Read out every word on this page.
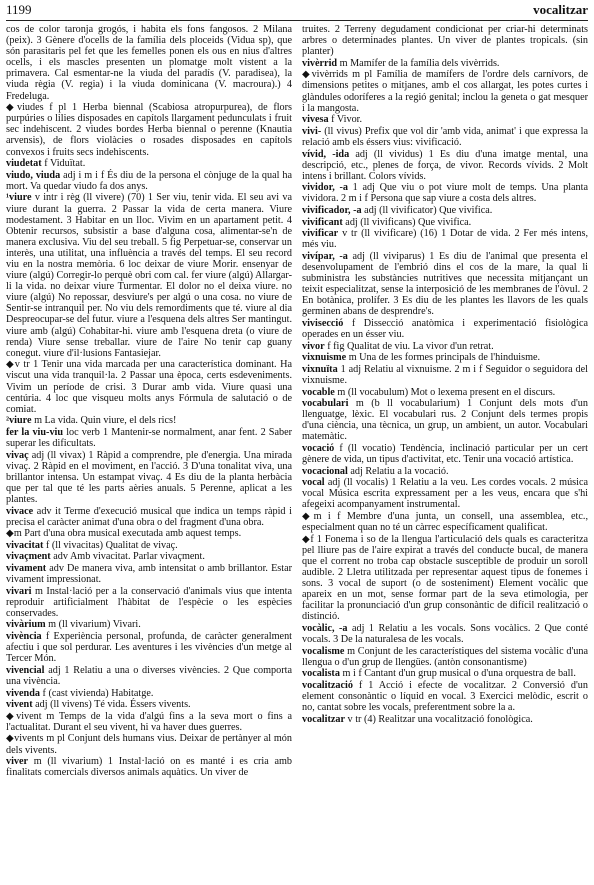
1199	vocalitzar
cos de color taronja grogós, i habita els fons fangosos. 2 Milana (peix). 3 Gènere d'ocells de la família dels ploceids (Vidua sp), que són parasitaris pel fet que les femelles ponen els ous en nius d'altres ocells, i els mascles presenten un plomatge molt vistent a la primavera. Cal esmentar-ne la viuda del paradís (V. paradisea), la viuda règia (V. regia) i la viuda dominicana (V. macroura).) 4 Fredeluga.
◆viudes f pl 1 Herba biennal (Scabiosa atropurpurea), de flors purpúries o lilies disposades en capítols llargament pedunculats i fruit sec indehiscent. 2 viudes bordes Herba biennal o perenne (Knautia arvensis), de flors violàcies o rosades disposades en capítols convexos i fruits secs indehiscents.
viudetat f Viduïtat.
viudo, viuda adj i m i f És diu de la persona el cònjuge de la qual ha mort. Va quedar viudo fa dos anys.
¹viure v intr i règ (ll vivere) (70) 1 Ser viu, tenir vida. El seu avi va viure durant la guerra. 2 Passar la vida de certa manera. Viure modestament. 3 Habitar en un lloc. Vivim en un apartament petit. 4 Obtenir recursos, subsistir a base d'alguna cosa, alimentar-se'n de manera exclusiva. Viu del seu treball. 5 fig Perpetuar-se, conservar un interès, una utilitat, una influència a través del temps. El seu record viu en la nostra memòria. 6 loc deixar de viure Morir. ensenyar de viure (algú) Corregir-lo perquè obri com cal. fer viure (algú) Allargar-li la vida. no deixar viure Turmentar. El dolor no el deixa viure. no viure (algú) No repossar, desviure's per algú o una cosa. no viure de Sentir-se intranquil per. No viu dels remordiments que té. viure al dia Despreocupar-se del futur. viure a l'esquena dels altres Ser mantingut. viure amb (algú) Cohabitar-hi. viure amb l'esquena dreta (o viure de renda) Viure sense treballar. viure de l'aire No tenir cap guany conegut. viure d'il·lusions Fantasiejar.
◆v tr 1 Tenir una vida marcada per una característica dominant. Ha viscut una vida tranquil·la. 2 Passar una època, certs esdeveniments. Vivim un període de crisi. 3 Durar amb vida. Viure quasi una centúria. 4 loc que visqueu molts anys Fórmula de salutació o de comiat.
²viure m La vida. Quin viure, el dels rics!
fer la viu-viu loc verb 1 Mantenir-se normalment, anar fent. 2 Saber superar les dificultats.
vivaç adj (ll vivax) 1 Ràpid a comprendre, ple d'energia. Una mirada vivaç. 2 Ràpid en el moviment, en l'acció. 3 D'una tonalitat viva, una brillantor intensa. Un estampat vivaç. 4 Es diu de la planta herbàcia que per tal que té les parts aèries anuals. 5 Perenne, aplicat a les plantes.
vivace adv it Terme d'execució musical que indica un temps ràpid i precisa el caràcter animat d'una obra o del fragment d'una obra.
◆m Part d'una obra musical executada amb aquest temps.
vivacitat f (ll vivacitas) Qualitat de vivaç.
vivaçment adv Amb vivacitat. Parlar vivaçment.
vivament adv De manera viva, amb intensitat o amb brillantor. Estar vivament impressionat.
vivari m Instal·lació per a la conservació d'animals vius que intenta reproduir artificialment l'hàbitat de l'espècie o les espècies conservades.
vivàrium m (ll vivarium) Vivari.
vivència f Experiència personal, profunda, de caràcter generalment afectiu i que sol perdurar. Les aventures i les vivències d'un metge al Tercer Món.
vivencial adj 1 Relatiu a una o diverses vivències. 2 Que comporta una vivència.
vivenda f (cast vivienda) Habitatge.
vivent adj (ll vivens) Té vida. Éssers vivents.
◆vivent m Temps de la vida d'algú fins a la seva mort o fins a l'actualitat. Durant el seu vivent, hi va haver dues guerres.
◆vivents m pl Conjunt dels humans vius. Deixar de pertànyer al món dels vivents.
viver m (ll vivarium) 1 Instal·lació on es manté i es cria amb finalitats comercials diversos animals aquàtics. Un viver de
truites. 2 Terreny degudament condicionat per criar-hi determinats arbres o determinades plantes. Un viver de plantes tropicals. (sin planter)
vivèrrid m Mamífer de la família dels vivèrrids.
◆vivèrrids m pl Família de mamífers de l'ordre dels carnívors, de dimensions petites o mitjanes, amb el cos allargat, les potes curtes i glàndules odoríferes a la regió genital; inclou la geneta o gat mesquer i la mangosta.
vivesa f Vivor.
vivi- (ll vivus) Prefix que vol dir 'amb vida, animat' i que expressa la relació amb els éssers vius: vivificació.
vívid, -ida adj (ll vividus) 1 Es diu d'una imatge mental, una descripció, etc., plenes de força, de vivor. Records vívids. 2 Molt intens i brillant. Colors vívids.
vividor, -a 1 adj Que viu o pot viure molt de temps. Una planta vividora. 2 m i f Persona que sap viure a costa dels altres.
vivificador, -a adj (ll vivificator) Que vivifica.
vivificant adj (ll vivificans) Que vivifica.
vivificar v tr (ll vivificare) (16) 1 Dotar de vida. 2 Fer més intens, més viu.
vivípar, -a adj (ll viviparus) 1 Es diu de l'animal que presenta el desenvolupament de l'embrió dins el cos de la mare, la qual li subministra les substàncies nutritives que necessita mitjançant un teixit especialitzat, sense la interposició de les membranes de l'òvul. 2 En botànica, prolífer. 3 Es diu de les plantes les llavors de les quals germinen abans de desprendre's.
vivisecció f Dissecció anatòmica i experimentació fisiològica operades en un ésser viu.
vivor f fig Qualitat de viu. La vivor d'un retrat.
vixnuisme m Una de les formes principals de l'hinduisme.
vixnuïta 1 adj Relatiu al vixnuisme. 2 m i f Seguidor o seguidora del vixnuisme.
vocable m (ll vocabulum) Mot o lexema present en el discurs.
vocabulari m (b ll vocabularium) 1 Conjunt dels mots d'un llenguatge, lèxic. El vocabulari rus. 2 Conjunt dels termes propis d'una ciència, una tècnica, un grup, un ambient, un autor. Vocabulari matemàtic.
vocació f (ll vocatio) Tendència, inclinació particular per un cert gènere de vida, un tipus d'activitat, etc. Tenir una vocació artística.
vocacional adj Relatiu a la vocació.
vocal adj (ll vocalis) 1 Relatiu a la veu. Les cordes vocals. 2 música vocal Música escrita expressament per a les veus, encara que s'hi afegeixi acompanyament instrumental.
◆m i f Membre d'una junta, un consell, una assemblea, etc., especialment quan no té un càrrec específicament qualificat.
◆f 1 Fonema i so de la llengua l'articulació dels quals es caracteritza pel lliure pas de l'aire expirat a través del conducte bucal, de manera que el corrent no troba cap obstacle susceptible de produir un soroll audible. 2 Lletra utilitzada per representar aquest tipus de fonemes i sons. 3 vocal de suport (o de sosteniment) Element vocàlic que apareix en un mot, sense formar part de la seva etimologia, per facilitar la pronunciació d'un grup consonàntic de difícil realització o distinció.
vocàlic, -a adj 1 Relatiu a les vocals. Sons vocàlics. 2 Que conté vocals. 3 De la naturalesa de les vocals.
vocalisme m Conjunt de les característiques del sistema vocàlic d'una llengua o d'un grup de llengües. (antòn consonantisme)
vocalista m i f Cantant d'un grup musical o d'una orquestra de ball.
vocalització f 1 Acció i efecte de vocalitzar. 2 Conversió d'un element consonàntic o líquid en vocal. 3 Exercici melòdic, escrit o no, cantat sobre les vocals, preferentment sobre la a.
vocalitzar v tr (4) Realitzar una vocalització fonològica.
